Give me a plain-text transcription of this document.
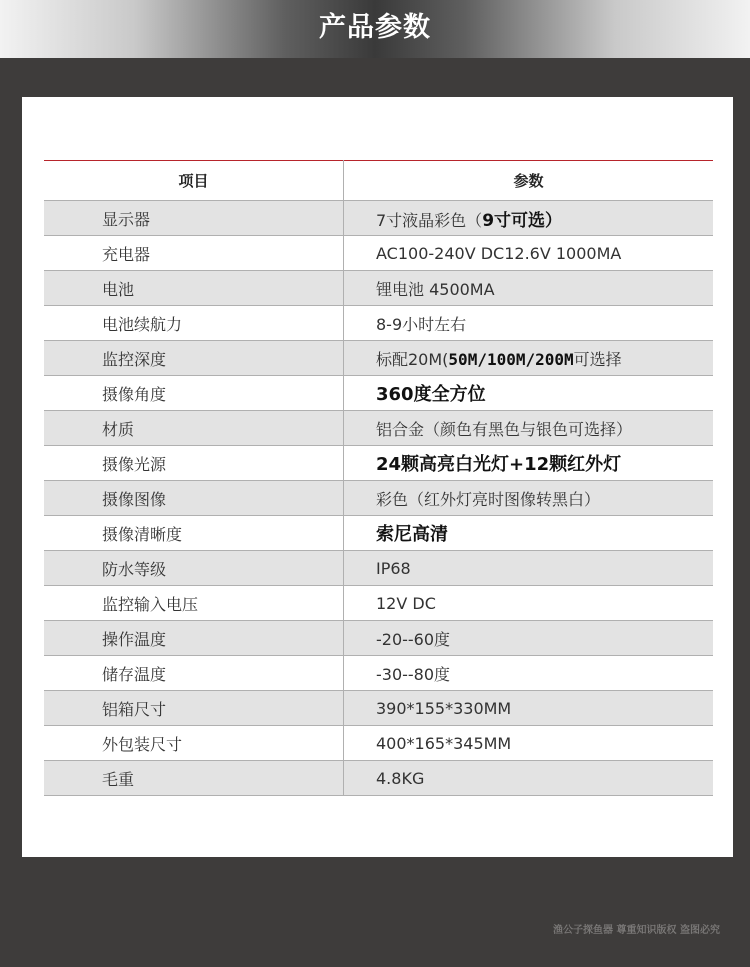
产品参数
项目	参数
显示器	7寸液晶彩色（9寸可选）
充电器	AC100-240V DC12.6V 1000MA
电池	锂电池 4500MA
电池续航力	8-9小时左右
监控深度	标配20M(50M/100M/200M可选择
摄像角度	360度全方位
材质	铝合金（颜色有黑色与银色可选择）
摄像光源	24颗高亮白光灯+12颗红外灯
摄像图像	彩色（红外灯亮时图像转黑白）
摄像清晰度	索尼高清
防水等级	IP68
监控输入电压	12V DC
操作温度	-20--60度
储存温度	-30--80度
铝箱尺寸	390*155*330MM
外包装尺寸	400*165*345MM
毛重	4.8KG
渔公子探鱼器 尊重知识版权 盗图必究
